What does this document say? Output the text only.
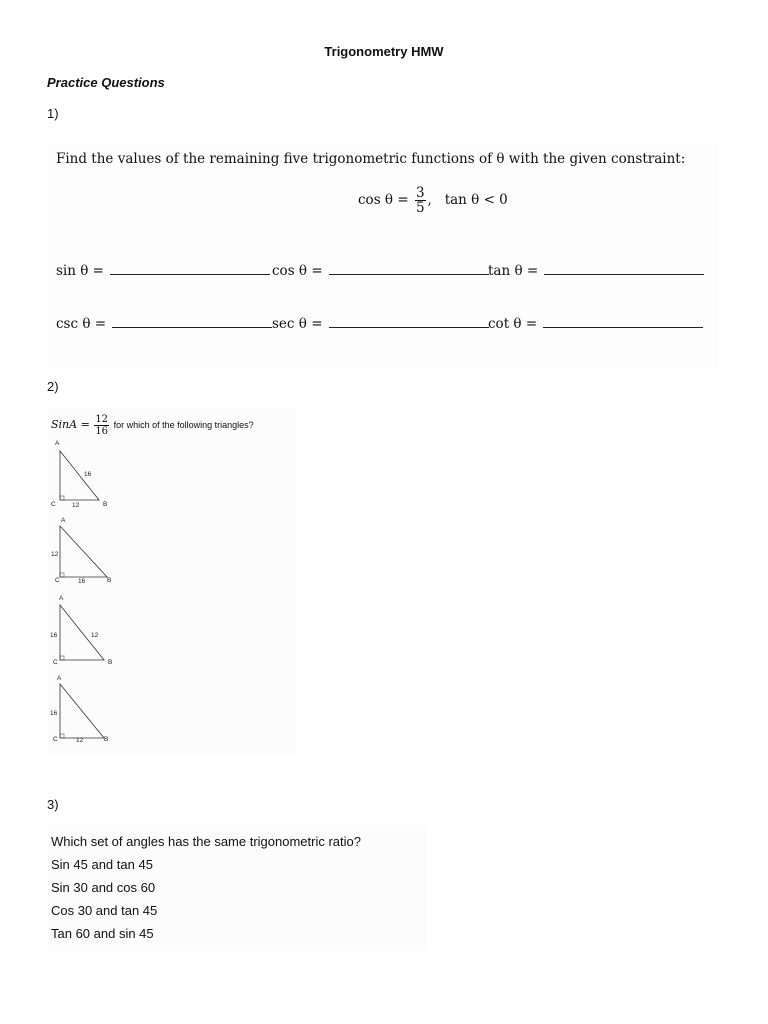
Trigonometry HMW
Practice Questions
1)
Find the values of the remaining five trigonometric functions of θ with the given constraint:
$\cos \theta = \frac{3}{5}$ , tan θ < 0
sin θ =	cos θ =	tan θ =
csc θ =	sec θ =	cot θ =
2)
SinA = $\frac{12}{16}$ for which of the following triangles?
A
C	B
16
12
A
C	B
12
16
A
C	B
16	12
A
C	B
16
12
3)
Which set of angles has the same trigonometric ratio?
Sin 45 and tan 45
Sin 30 and cos 60
Cos 30 and tan 45
Tan 60 and sin 45
